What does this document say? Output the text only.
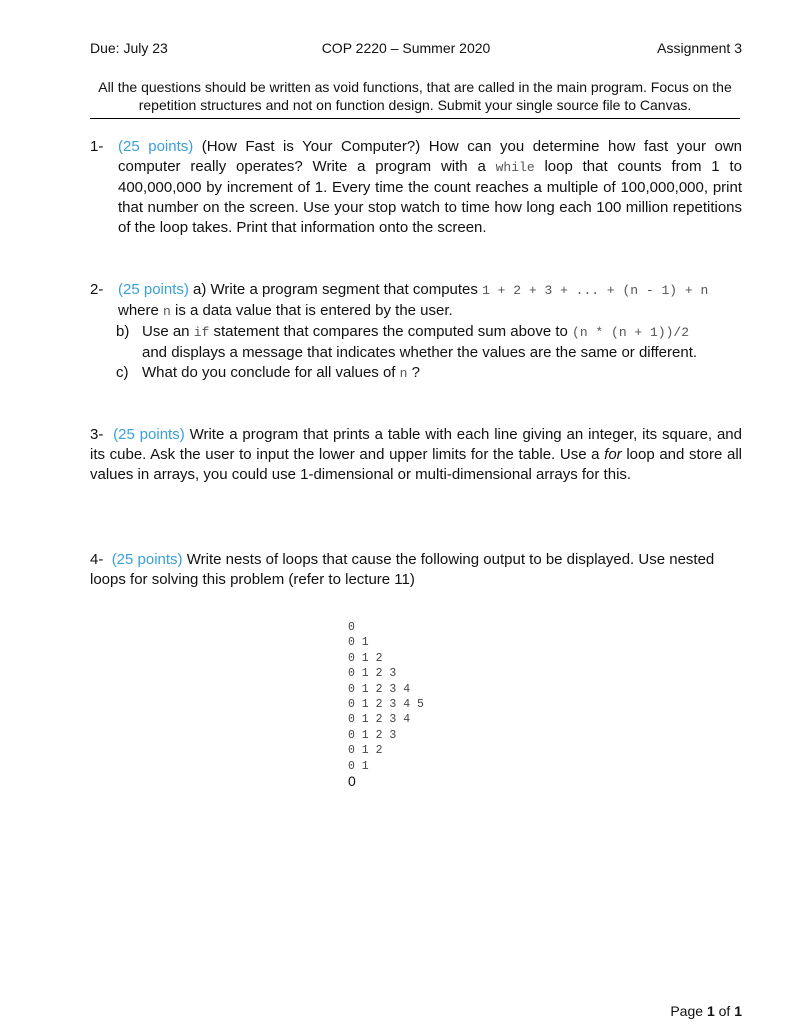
Due: July 23	COP 2220 – Summer 2020	Assignment 3
All the questions should be written as void functions, that are called in the main program. Focus on the repetition structures and not on function design. Submit your single source file to Canvas.
1- (25 points) (How Fast is Your Computer?) How can you determine how fast your own computer really operates? Write a program with a while loop that counts from 1 to 400,000,000 by increment of 1. Every time the count reaches a multiple of 100,000,000, print that number on the screen. Use your stop watch to time how long each 100 million repetitions of the loop takes. Print that information onto the screen.
2- (25 points) a) Write a program segment that computes 1 + 2 + 3 + ... + (n - 1) + n
where n is a data value that is entered by the user.
b) Use an if statement that compares the computed sum above to (n * (n + 1))/2
and displays a message that indicates whether the values are the same or different.
c) What do you conclude for all values of n ?
3- (25 points) Write a program that prints a table with each line giving an integer, its square, and its cube. Ask the user to input the lower and upper limits for the table. Use a for loop and store all values in arrays, you could use 1-dimensional or multi-dimensional arrays for this.
4- (25 points) Write nests of loops that cause the following output to be displayed. Use nested loops for solving this problem (refer to lecture 11)
0
0 1
0 1 2
0 1 2 3
0 1 2 3 4
0 1 2 3 4 5
0 1 2 3 4
0 1 2 3
0 1 2
0 1
0
Page 1 of 1
